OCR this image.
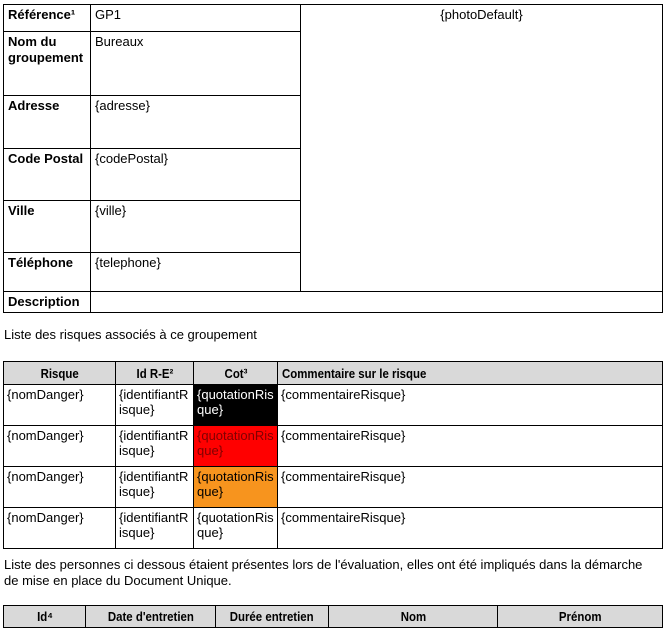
Référence¹	GP1	{photoDefault}
Nom du groupement	Bureaux	
Adresse	{adresse}	
Code Postal	{codePostal}	
Ville	{ville}	
Téléphone	{telephone}	
Description		

Liste des risques associés à ce groupement

Risque	Id R-E²	Cot³	Commentaire sur le risque
{nomDanger}	{identifiantRisque}	{quotationRisque}	{commentaireRisque}
{nomDanger}	{identifiantRisque}	{quotationRisque}	{commentaireRisque}
{nomDanger}	{identifiantRisque}	{quotationRisque}	{commentaireRisque}
{nomDanger}	{identifiantRisque}	{quotationRisque}	{commentaireRisque}

Liste des personnes ci dessous étaient présentes lors de l'évaluation, elles ont été impliqués dans la démarche de mise en place du Document Unique.

Id⁴	Date d'entretien	Durée entretien	Nom	Prénom
